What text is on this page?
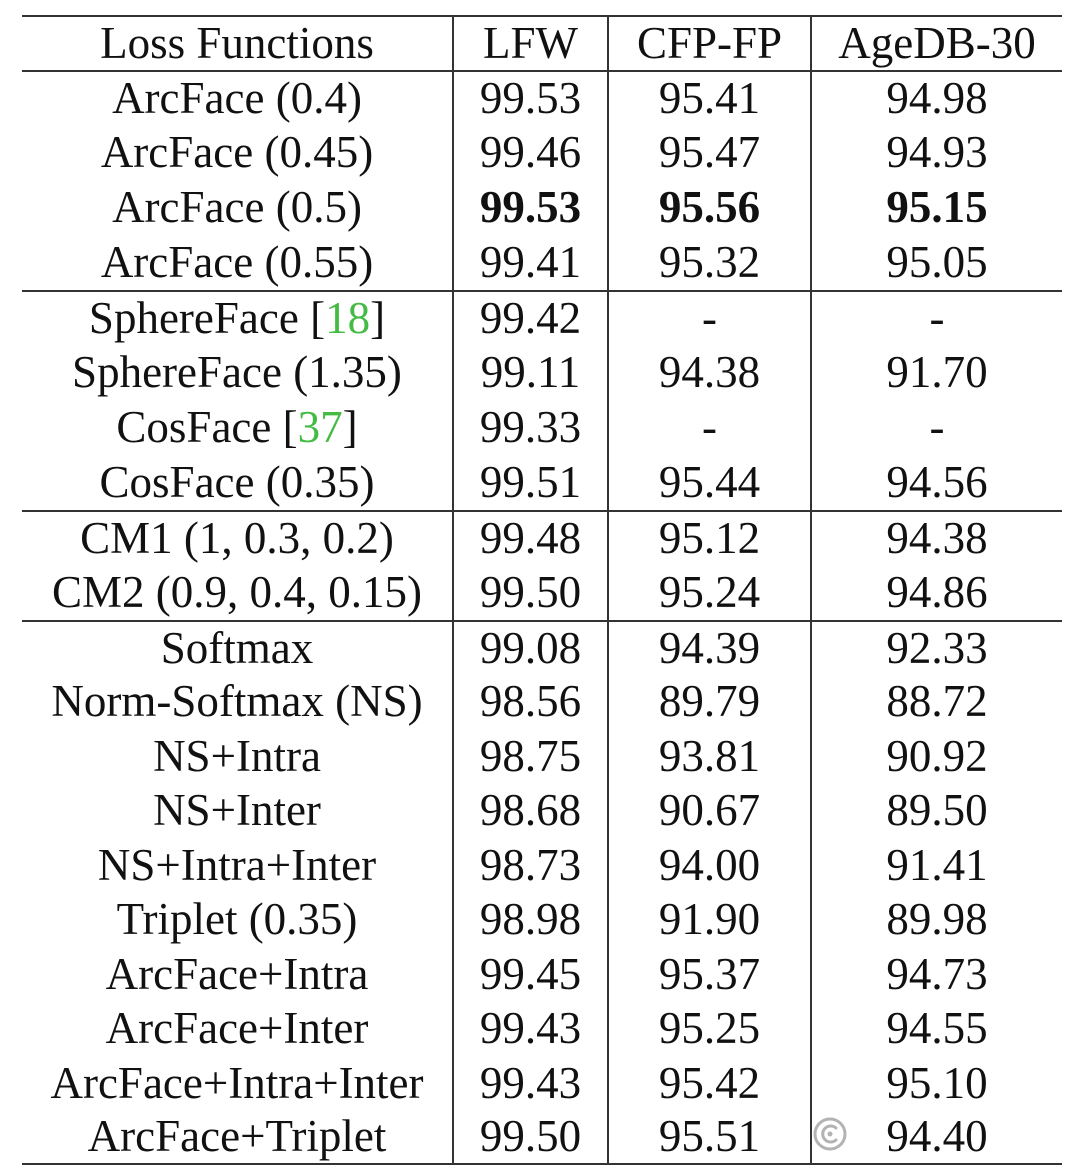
Loss Functions	LFW	CFP-FP	AgeDB-30
ArcFace (0.4)	99.53	95.41	94.98
ArcFace (0.45)	99.46	95.47	94.93
ArcFace (0.5)	99.53	95.56	95.15
ArcFace (0.55)	99.41	95.32	95.05
SphereFace [18]	99.42	-	-
SphereFace (1.35)	99.11	94.38	91.70
CosFace [37]	99.33	-	-
CosFace (0.35)	99.51	95.44	94.56
CM1 (1, 0.3, 0.2)	99.48	95.12	94.38
CM2 (0.9, 0.4, 0.15)	99.50	95.24	94.86
Softmax	99.08	94.39	92.33
Norm-Softmax (NS)	98.56	89.79	88.72
NS+Intra	98.75	93.81	90.92
NS+Inter	98.68	90.67	89.50
NS+Intra+Inter	98.73	94.00	91.41
Triplet (0.35)	98.98	91.90	89.98
ArcFace+Intra	99.45	95.37	94.73
ArcFace+Inter	99.43	95.25	94.55
ArcFace+Intra+Inter	99.43	95.42	95.10
ArcFace+Triplet	99.50	95.51	94.40
